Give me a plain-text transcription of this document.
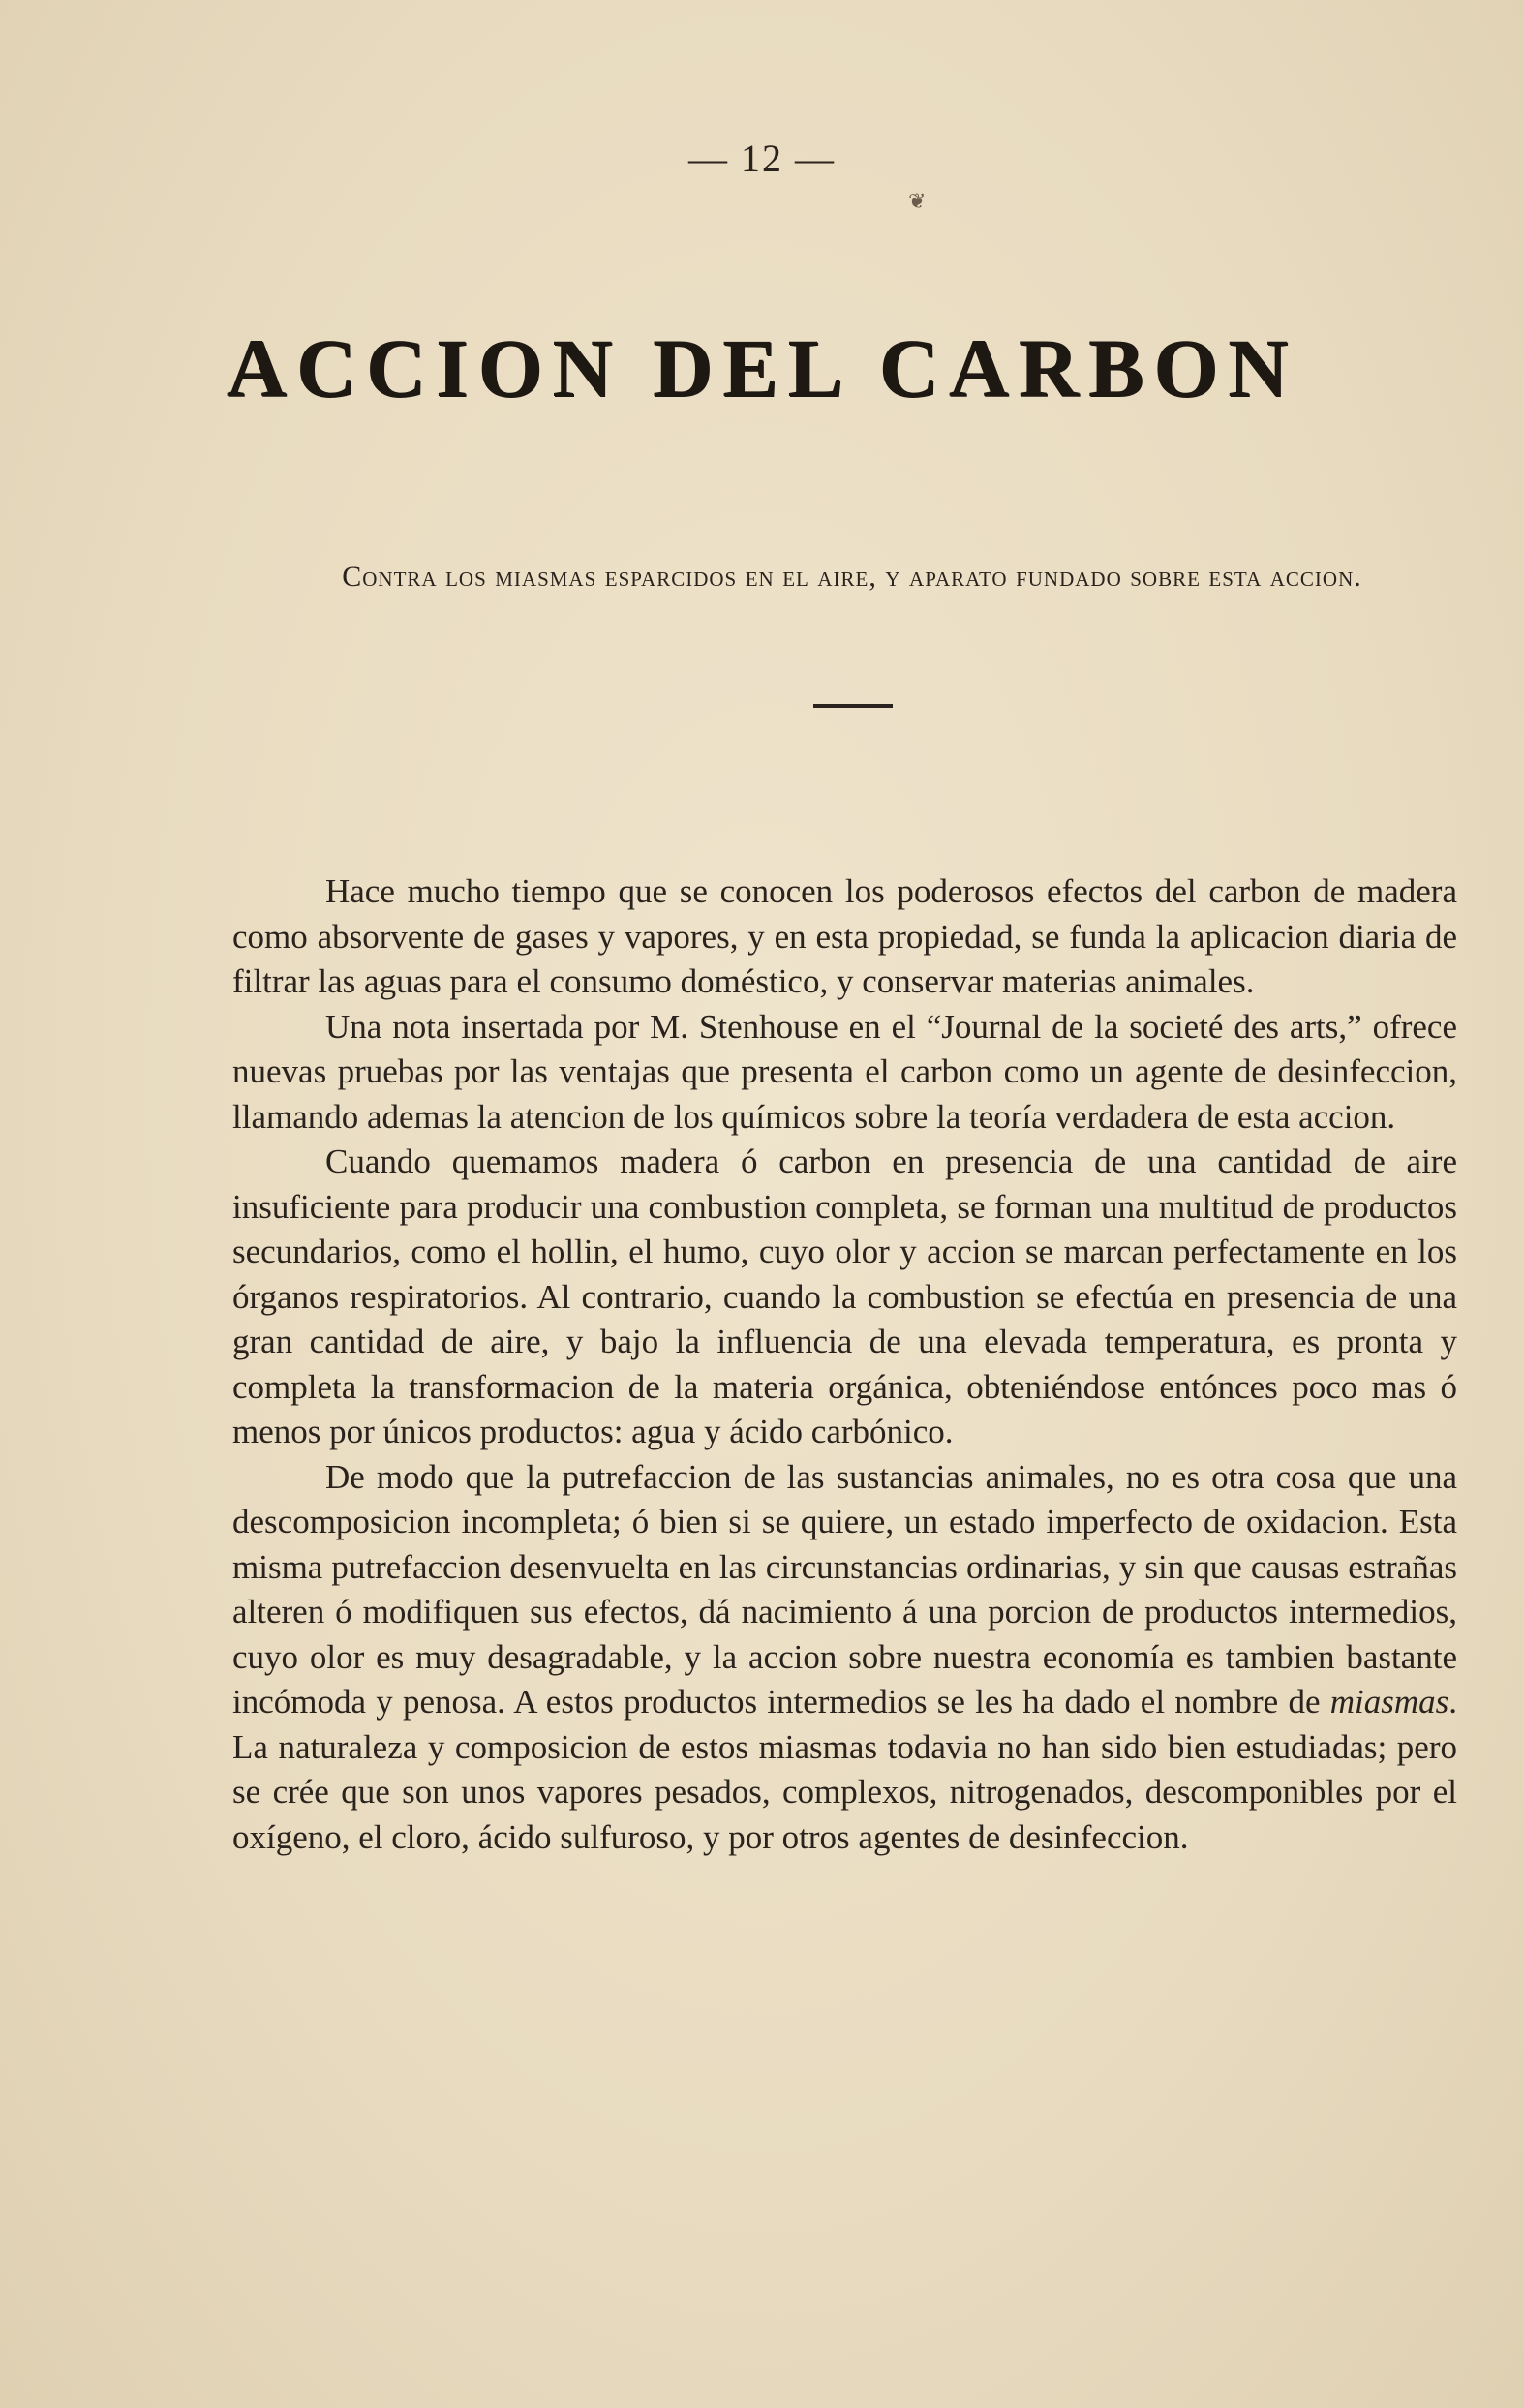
— 12 —
❦
ACCION DEL CARBON
Contra los miasmas esparcidos en el aire, y aparato fundado sobre esta accion.

Hace mucho tiempo que se conocen los poderosos efectos del carbon de madera como absorvente de gases y vapores, y en esta propiedad, se funda la aplicacion diaria de filtrar las aguas para el consumo doméstico, y conservar materias animales.

Una nota insertada por M. Stenhouse en el “Journal de la societé des arts,” ofrece nuevas pruebas por las ventajas que presenta el carbon como un agente de desinfeccion, llamando ademas la atencion de los químicos sobre la teoría verdadera de esta accion.

Cuando quemamos madera ó carbon en presencia de una cantidad de aire insuficiente para producir una combustion completa, se forman una multitud de productos secundarios, como el hollin, el humo, cuyo olor y accion se marcan perfectamente en los órganos respiratorios. Al contrario, cuando la combustion se efectúa en presencia de una gran cantidad de aire, y bajo la influencia de una elevada temperatura, es pronta y completa la transformacion de la materia orgánica, obteniéndose entónces poco mas ó menos por únicos productos: agua y ácido carbónico.

De modo que la putrefaccion de las sustancias animales, no es otra cosa que una descomposicion incompleta; ó bien si se quiere, un estado imperfecto de oxidacion. Esta misma putrefaccion desenvuelta en las circunstancias ordinarias, y sin que causas estrañas alteren ó modifiquen sus efectos, dá nacimiento á una porcion de productos intermedios, cuyo olor es muy desagradable, y la accion sobre nuestra economía es tambien bastante incómoda y penosa. A estos productos intermedios se les ha dado el nombre de miasmas. La naturaleza y composicion de estos miasmas todavia no han sido bien estudiadas; pero se crée que son unos vapores pesados, complexos, nitrogenados, descomponibles por el oxígeno, el cloro, ácido sulfuroso, y por otros agentes de desinfeccion.
